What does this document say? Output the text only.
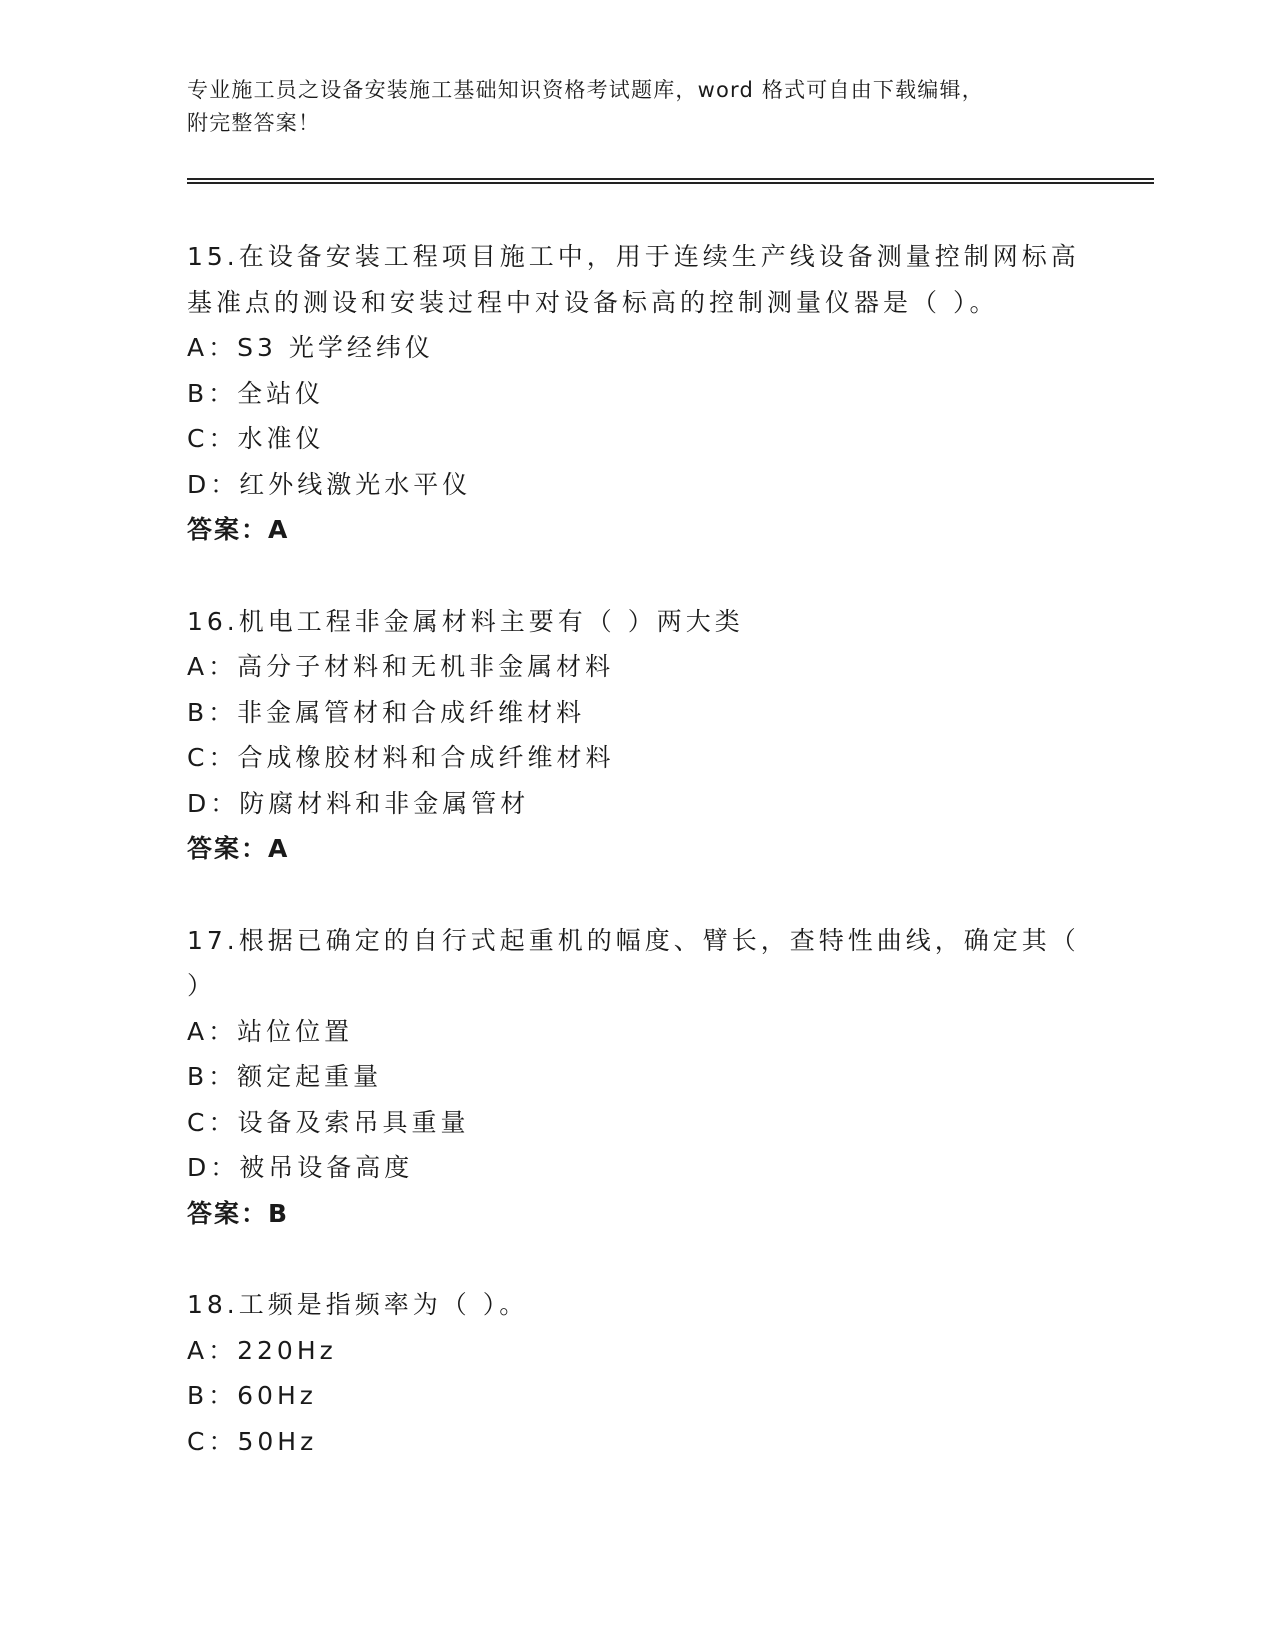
专业施工员之设备安装施工基础知识资格考试题库，word 格式可自由下载编辑，
附完整答案！
15.在设备安装工程项目施工中，用于连续生产线设备测量控制网标高
基准点的测设和安装过程中对设备标高的控制测量仪器是（ ）。
A：S3 光学经纬仪
B：全站仪
C：水准仪
D：红外线激光水平仪
答案：A
16.机电工程非金属材料主要有（ ）两大类
A：高分子材料和无机非金属材料
B：非金属管材和合成纤维材料
C：合成橡胶材料和合成纤维材料
D：防腐材料和非金属管材
答案：A
17.根据已确定的自行式起重机的幅度、臂长，查特性曲线，确定其（
）
A：站位位置
B：额定起重量
C：设备及索吊具重量
D：被吊设备高度
答案：B
18.工频是指频率为（ ）。
A：220Hz
B：60Hz
C：50Hz
